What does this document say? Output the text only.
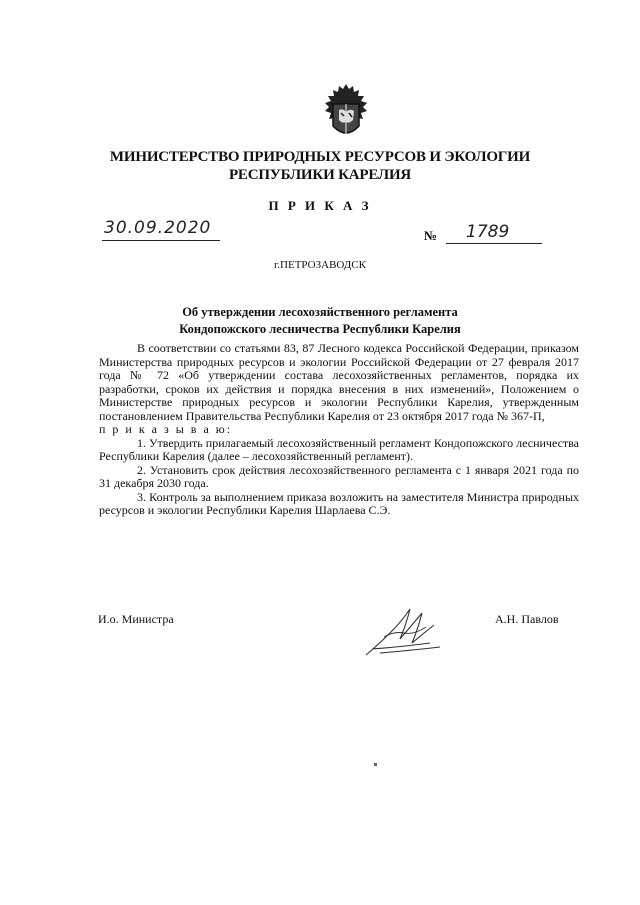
МИНИСТЕРСТВО ПРИРОДНЫХ РЕСУРСОВ И ЭКОЛОГИИ
РЕСПУБЛИКИ КАРЕЛИЯ
П Р И К А З
30.09.2020	№ 1789
г.ПЕТРОЗАВОДСК
Об утверждении лесохозяйственного регламента
Кондопожского лесничества Республики Карелия

В соответствии со статьями 83, 87 Лесного кодекса Российской Федерации, приказом Министерства природных ресурсов и экологии Российской Федерации от 27 февраля 2017 года № 72 «Об утверждении состава лесохозяйственных регламентов, порядка их разработки, сроков их действия и порядка внесения в них изменений», Положением о Министерстве природных ресурсов и экологии Республики Карелия, утвержденным постановлением Правительства Республики Карелия от 23 октября 2017 года № 367-П,

п р и к а з ы в а ю:

1. Утвердить прилагаемый лесохозяйственный регламент Кондопожского лесничества Республики Карелия (далее – лесохозяйственный регламент).

2. Установить срок действия лесохозяйственного регламента с 1 января 2021 года по 31 декабря 2030 года.

3. Контроль за выполнением приказа возложить на заместителя Министра природных ресурсов и экологии Республики Карелия Шарлаева С.Э.

И.о. Министра	А.Н. Павлов
